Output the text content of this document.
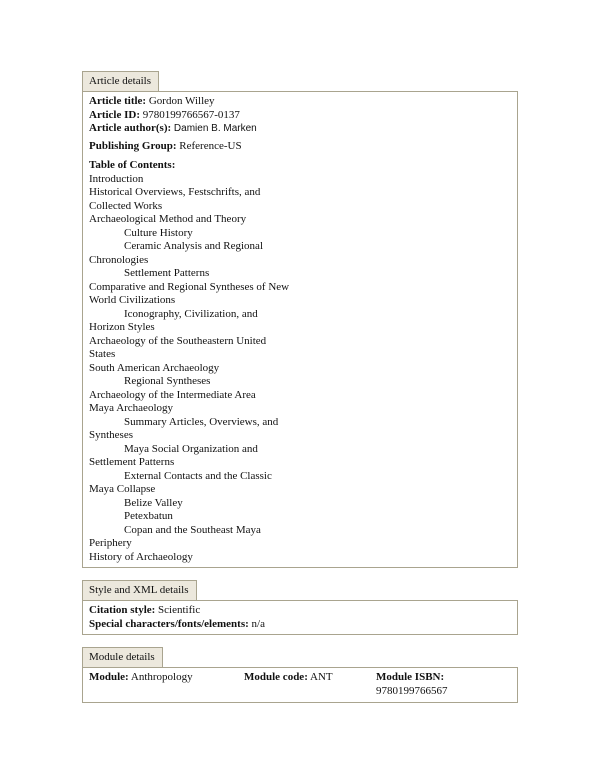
Article details
Article title: Gordon Willey
Article ID: 9780199766567-0137
Article author(s): Damien B. Marken
Publishing Group: Reference-US
Table of Contents:
Introduction
Historical Overviews, Festschrifts, and Collected Works
Archaeological Method and Theory
Culture History
Ceramic Analysis and Regional Chronologies
Settlement Patterns
Comparative and Regional Syntheses of New World Civilizations
Iconography, Civilization, and Horizon Styles
Archaeology of the Southeastern United States
South American Archaeology
Regional Syntheses
Archaeology of the Intermediate Area
Maya Archaeology
Summary Articles, Overviews, and Syntheses
Maya Social Organization and Settlement Patterns
External Contacts and the Classic Maya Collapse
Belize Valley
Petexbatun
Copan and the Southeast Maya Periphery
History of Archaeology
Style and XML details
Citation style: Scientific
Special characters/fonts/elements: n/a
Module details
Module: Anthropology	Module code: ANT	Module ISBN:
9780199766567
